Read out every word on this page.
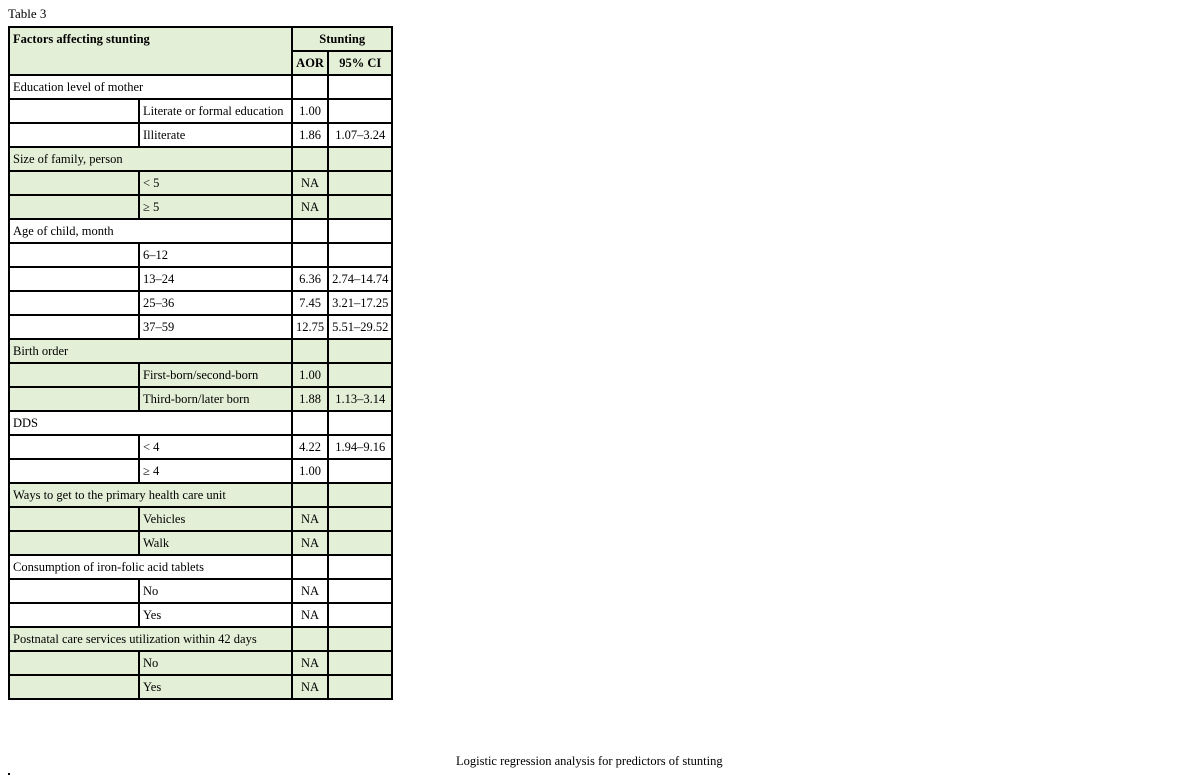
Table 3
Factors affecting stunting		Stunting	
		AOR	95% CI
Education level of mother			
	Literate or formal education	1.00	
	Illiterate	1.86	1.07–3.24
Size of family, person			
	< 5	NA	
	≥ 5	NA	
Age of child, month			
	6–12		
	13–24	6.36	2.74–14.74
	25–36	7.45	3.21–17.25
	37–59	12.75	5.51–29.52
Birth order			
	First-born/second-born	1.00	
	Third-born/later born	1.88	1.13–3.14
DDS			
	< 4	4.22	1.94–9.16
	≥ 4	1.00	
Ways to get to the primary health care unit			
	Vehicles	NA	
	Walk	NA	
Consumption of iron-folic acid tablets			
	No	NA	
	Yes	NA	
Postnatal care services utilization within 42 days			
	No	NA	
	Yes	NA	
Logistic regression analysis for predictors of stunting
